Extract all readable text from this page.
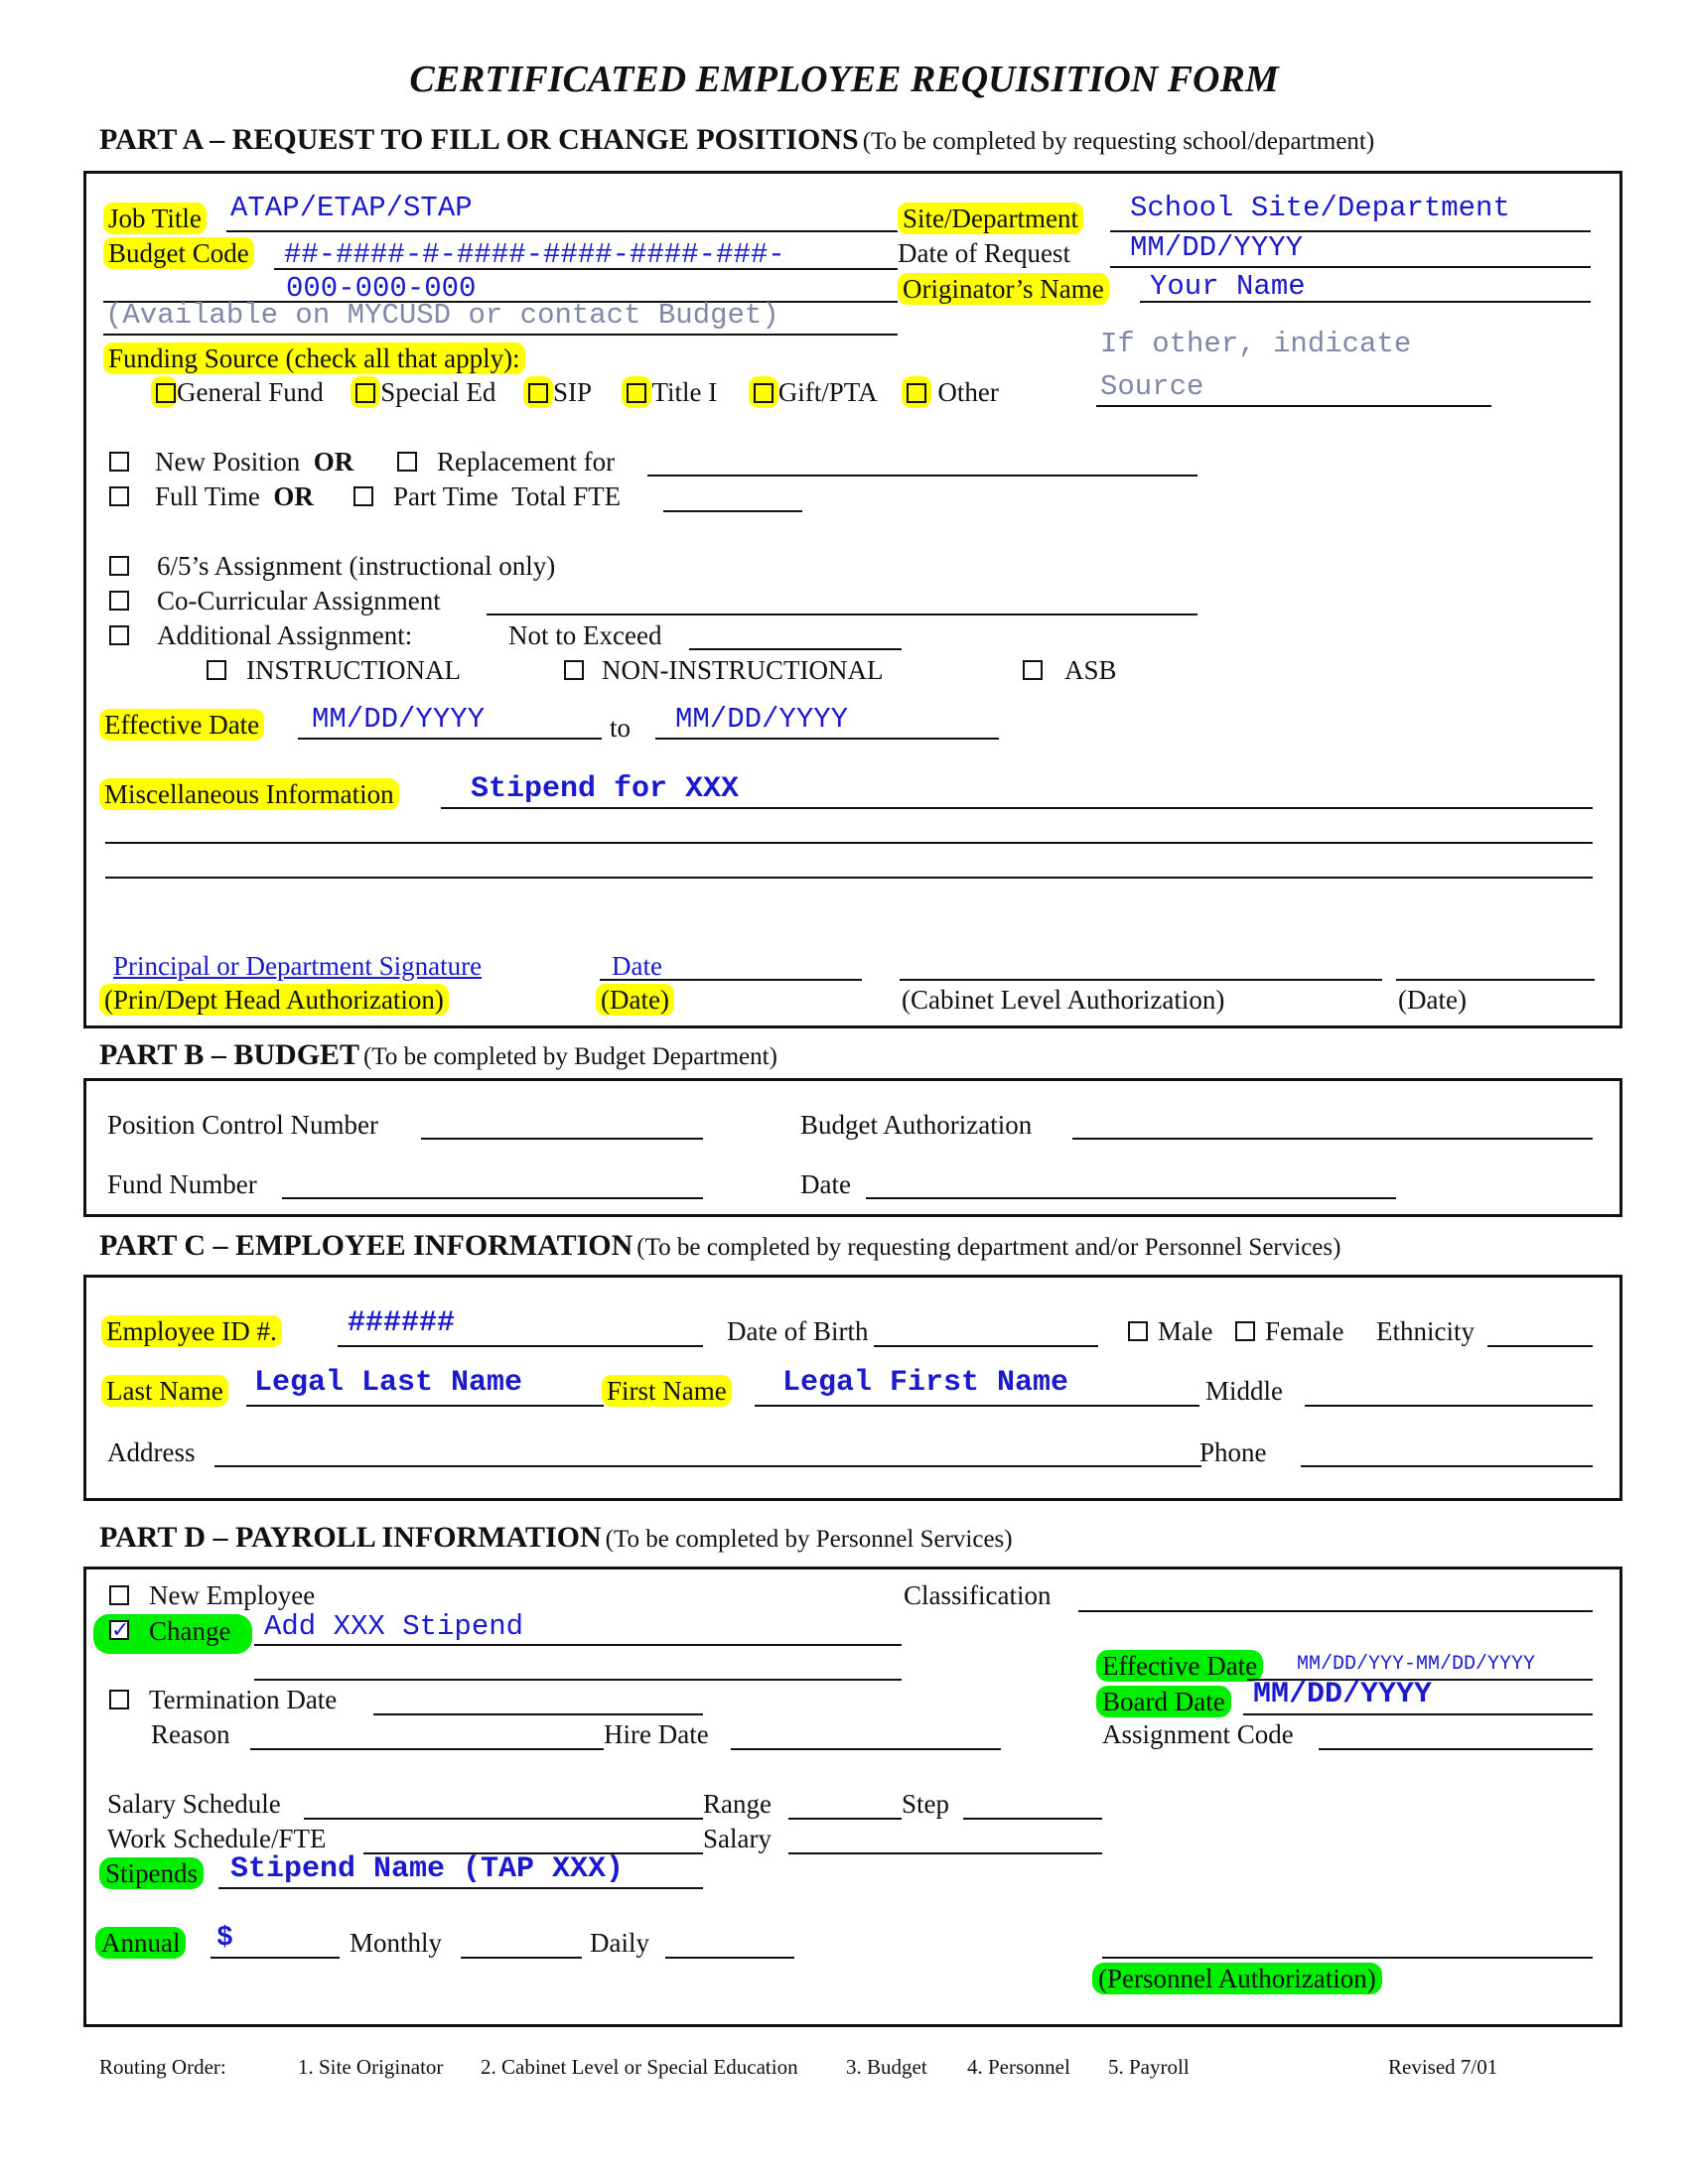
CERTIFICATED EMPLOYEE REQUISITION FORM
PART A – REQUEST TO FILL OR CHANGE POSITIONS (To be completed by requesting school/department)
Job Title ATAP/ETAP/STAP
Budget Code ##-####-#-####-####-####-###-
000-000-000
(Available on MYCUSD or contact Budget)
Site/Department School Site/Department
Date of Request MM/DD/YYYY
Originator’s Name Your Name
Funding Source (check all that apply):	If other, indicate
General Fund Special Ed SIP Title I Gift/PTA Other	Source
New Position OR	Replacement for
Full Time OR	Part Time Total FTE
6/5’s Assignment (instructional only)
Co-Curricular Assignment
Additional Assignment:	Not to Exceed
INSTRUCTIONAL	NON-INSTRUCTIONAL	ASB
Effective Date MM/DD/YYYY	to MM/DD/YYYY
Miscellaneous Information	Stipend for XXX
Principal or Department Signature	Date
(Prin/Dept Head Authorization)	(Date)	(Cabinet Level Authorization)	(Date)
PART B – BUDGET (To be completed by Budget Department)
Position Control Number	Budget Authorization
Fund Number	Date
PART C – EMPLOYEE INFORMATION (To be completed by requesting department and/or Personnel Services)
Employee ID #. ######	Date of Birth	Male Female Ethnicity
Last Name Legal Last Name	First Name Legal First Name	Middle
Address	Phone
PART D – PAYROLL INFORMATION (To be completed by Personnel Services)
New Employee	Classification
✓ Change Add XXX Stipend
Effective Date	MM/DD/YYY-MM/DD/YYYY
Board Date MM/DD/YYYY
Termination Date
Reason	Hire Date	Assignment Code
Salary Schedule	Range	Step
Work Schedule/FTE	Salary
Stipends Stipend Name (TAP XXX)
Annual $	Monthly	Daily
(Personnel Authorization)
Routing Order:	1. Site Originator 2. Cabinet Level or Special Education 3. Budget 4. Personnel 5. Payroll	Revised 7/01
